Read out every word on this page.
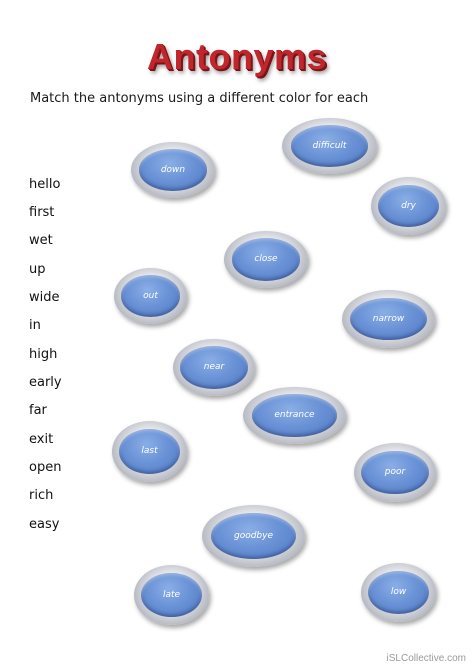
Antonyms
Match the antonyms using a different color for each
hello
first
wet
up
wide
in
high
early
far
exit
open
rich
easy
difficult
down
dry
close
out
narrow
near
entrance
last
poor
goodbye
late	low
iSLCollective.com
